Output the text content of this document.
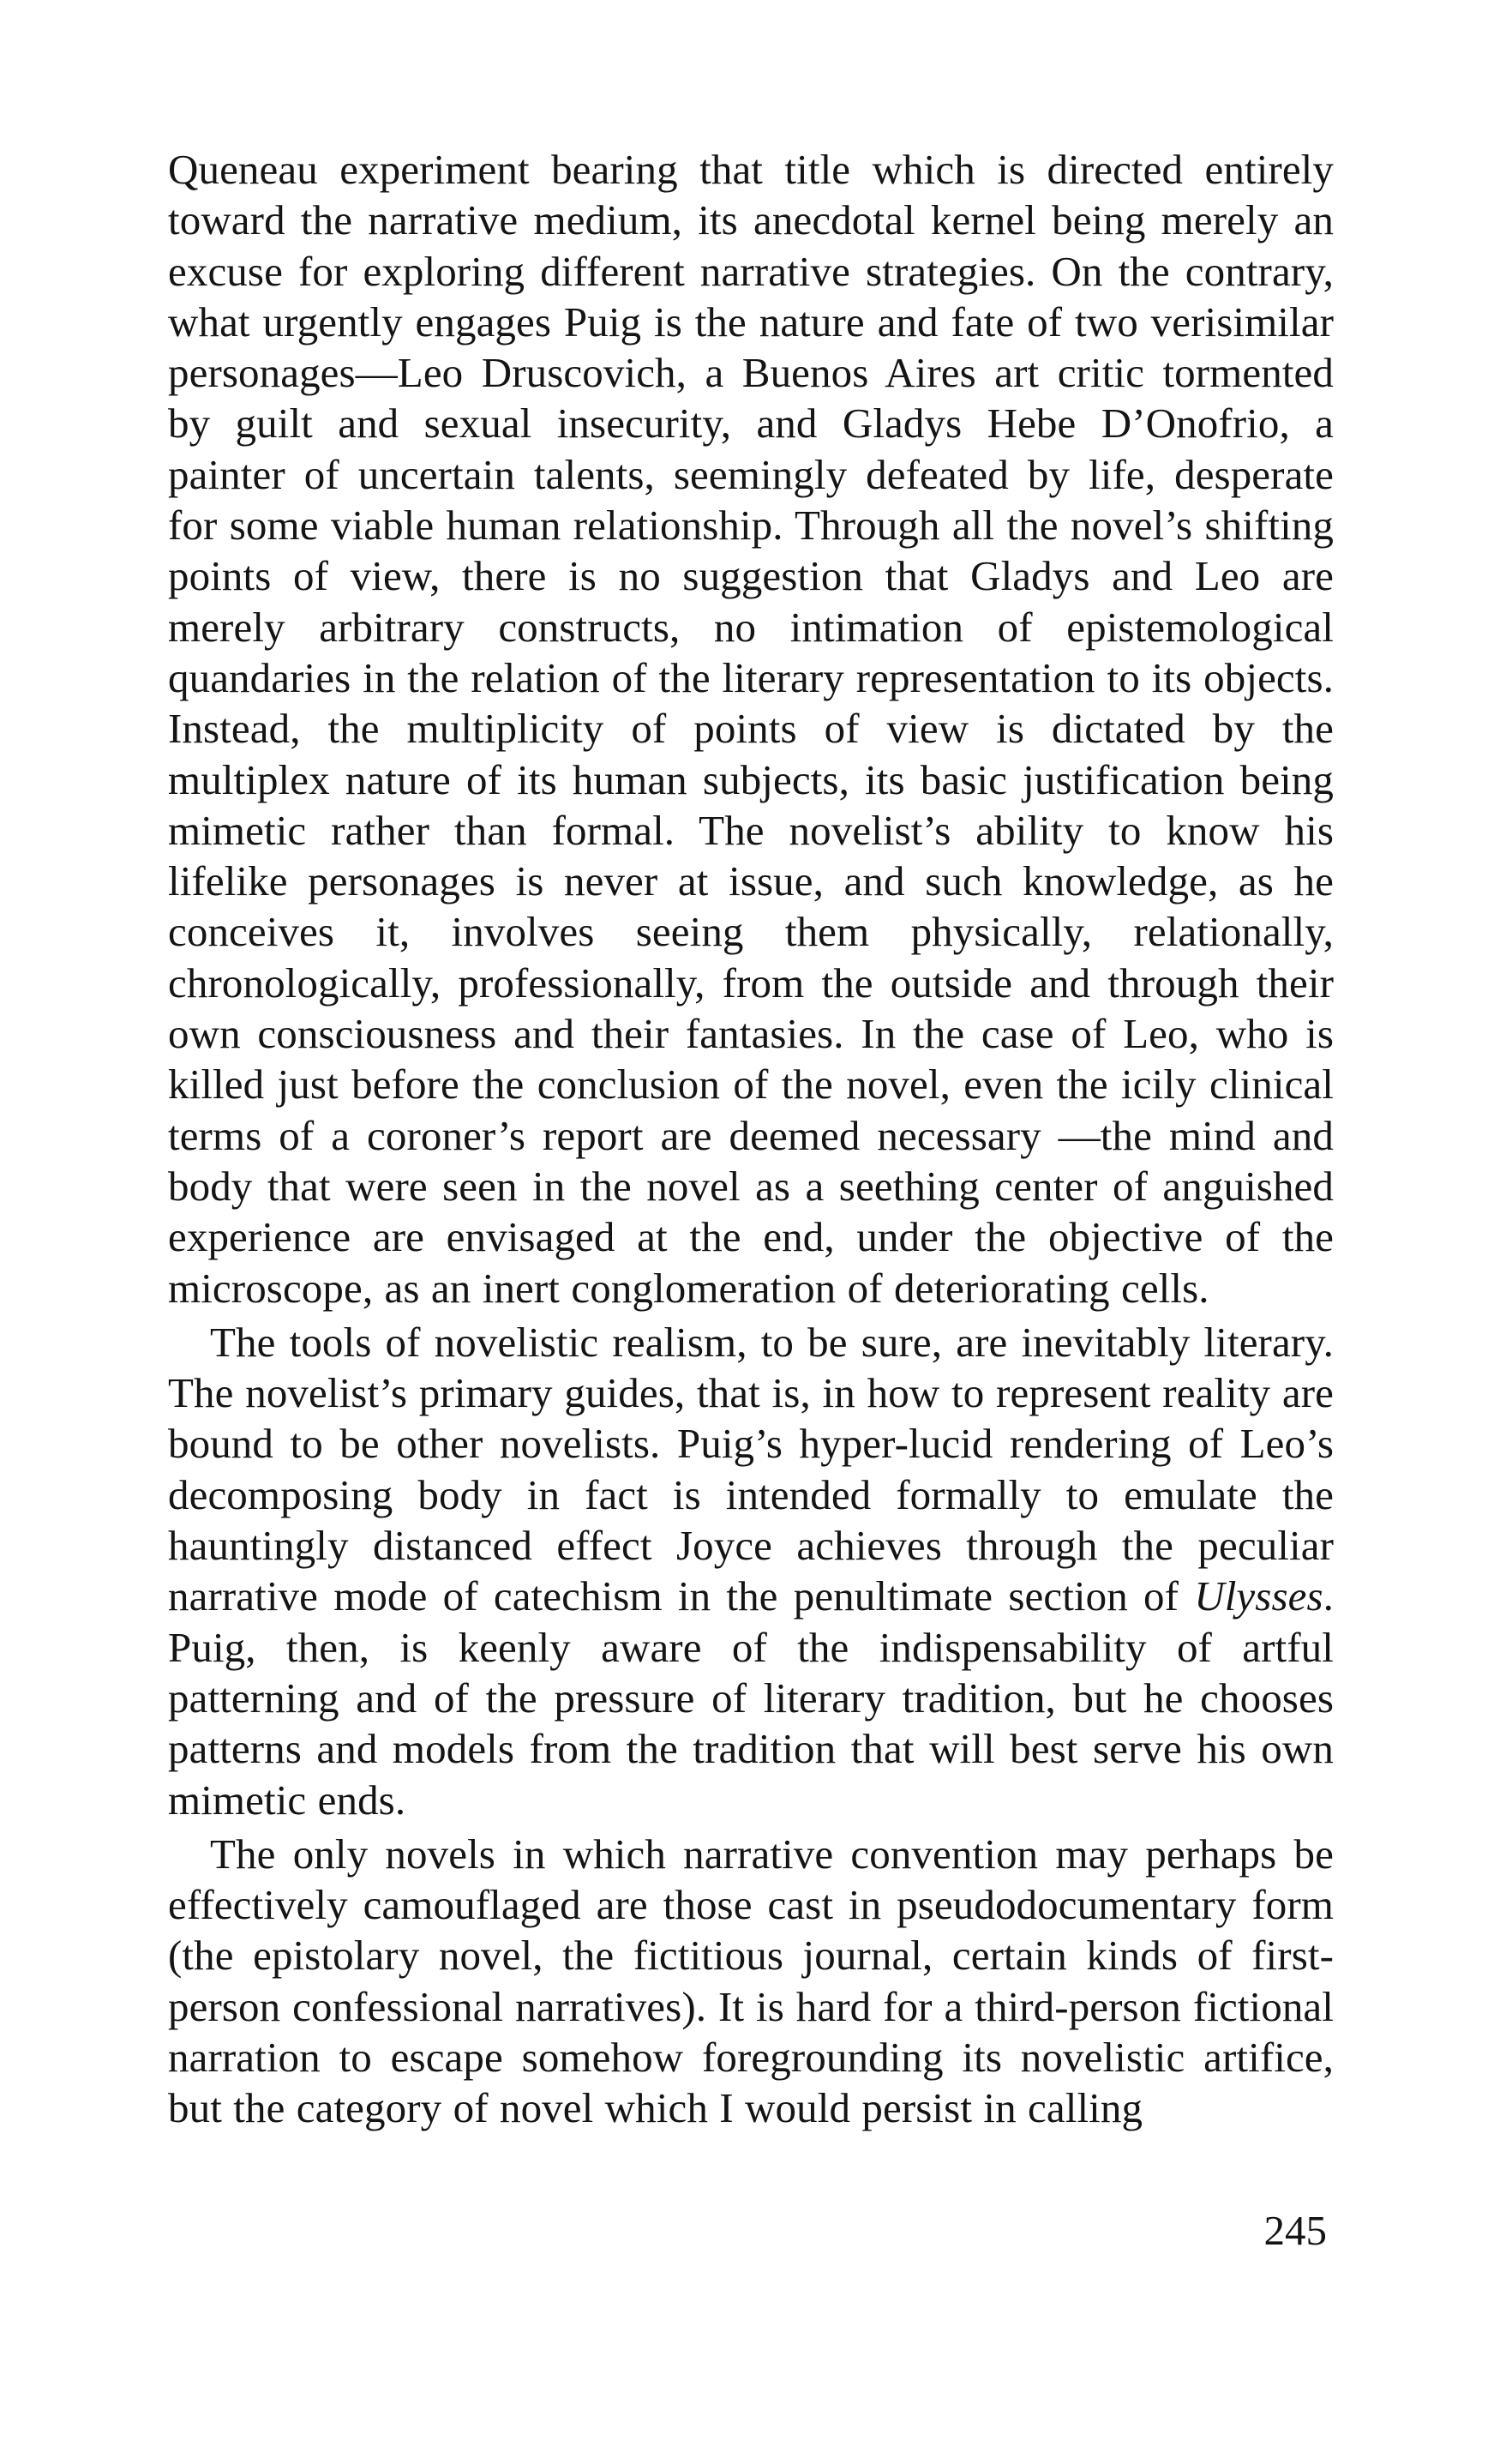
Queneau experiment bearing that title which is directed entirely toward the narrative medium, its anecdotal kernel being merely an excuse for exploring different narrative strategies. On the contrary, what urgently engages Puig is the nature and fate of two verisimilar personages—Leo Druscovich, a Buenos Aires art critic tormented by guilt and sexual insecurity, and Gladys Hebe D’Onofrio, a painter of uncertain talents, seemingly defeated by life, desperate for some viable human relationship. Through all the novel’s shifting points of view, there is no suggestion that Gladys and Leo are merely arbitrary constructs, no intimation of epistemological quandaries in the relation of the literary representation to its objects. Instead, the multiplicity of points of view is dictated by the multiplex nature of its human subjects, its basic justification being mimetic rather than formal. The novelist’s ability to know his lifelike personages is never at issue, and such knowledge, as he conceives it, involves seeing them physically, relationally, chronologically, professionally, from the outside and through their own consciousness and their fantasies. In the case of Leo, who is killed just before the conclusion of the novel, even the icily clinical terms of a coroner’s report are deemed necessary —the mind and body that were seen in the novel as a seething center of anguished experience are envisaged at the end, under the objective of the microscope, as an inert conglomeration of deteriorating cells.

The tools of novelistic realism, to be sure, are inevitably literary. The novelist’s primary guides, that is, in how to represent reality are bound to be other novelists. Puig’s hyper-lucid rendering of Leo’s decomposing body in fact is intended formally to emulate the hauntingly distanced effect Joyce achieves through the peculiar narrative mode of catechism in the penultimate section of Ulysses. Puig, then, is keenly aware of the indispensability of artful patterning and of the pressure of literary tradition, but he chooses patterns and models from the tradition that will best serve his own mimetic ends.

The only novels in which narrative convention may perhaps be effectively camouflaged are those cast in pseudodocumentary form (the epistolary novel, the fictitious journal, certain kinds of first-person confessional narratives). It is hard for a third-person fictional narration to escape somehow foregrounding its novelistic artifice, but the category of novel which I would persist in calling

245
